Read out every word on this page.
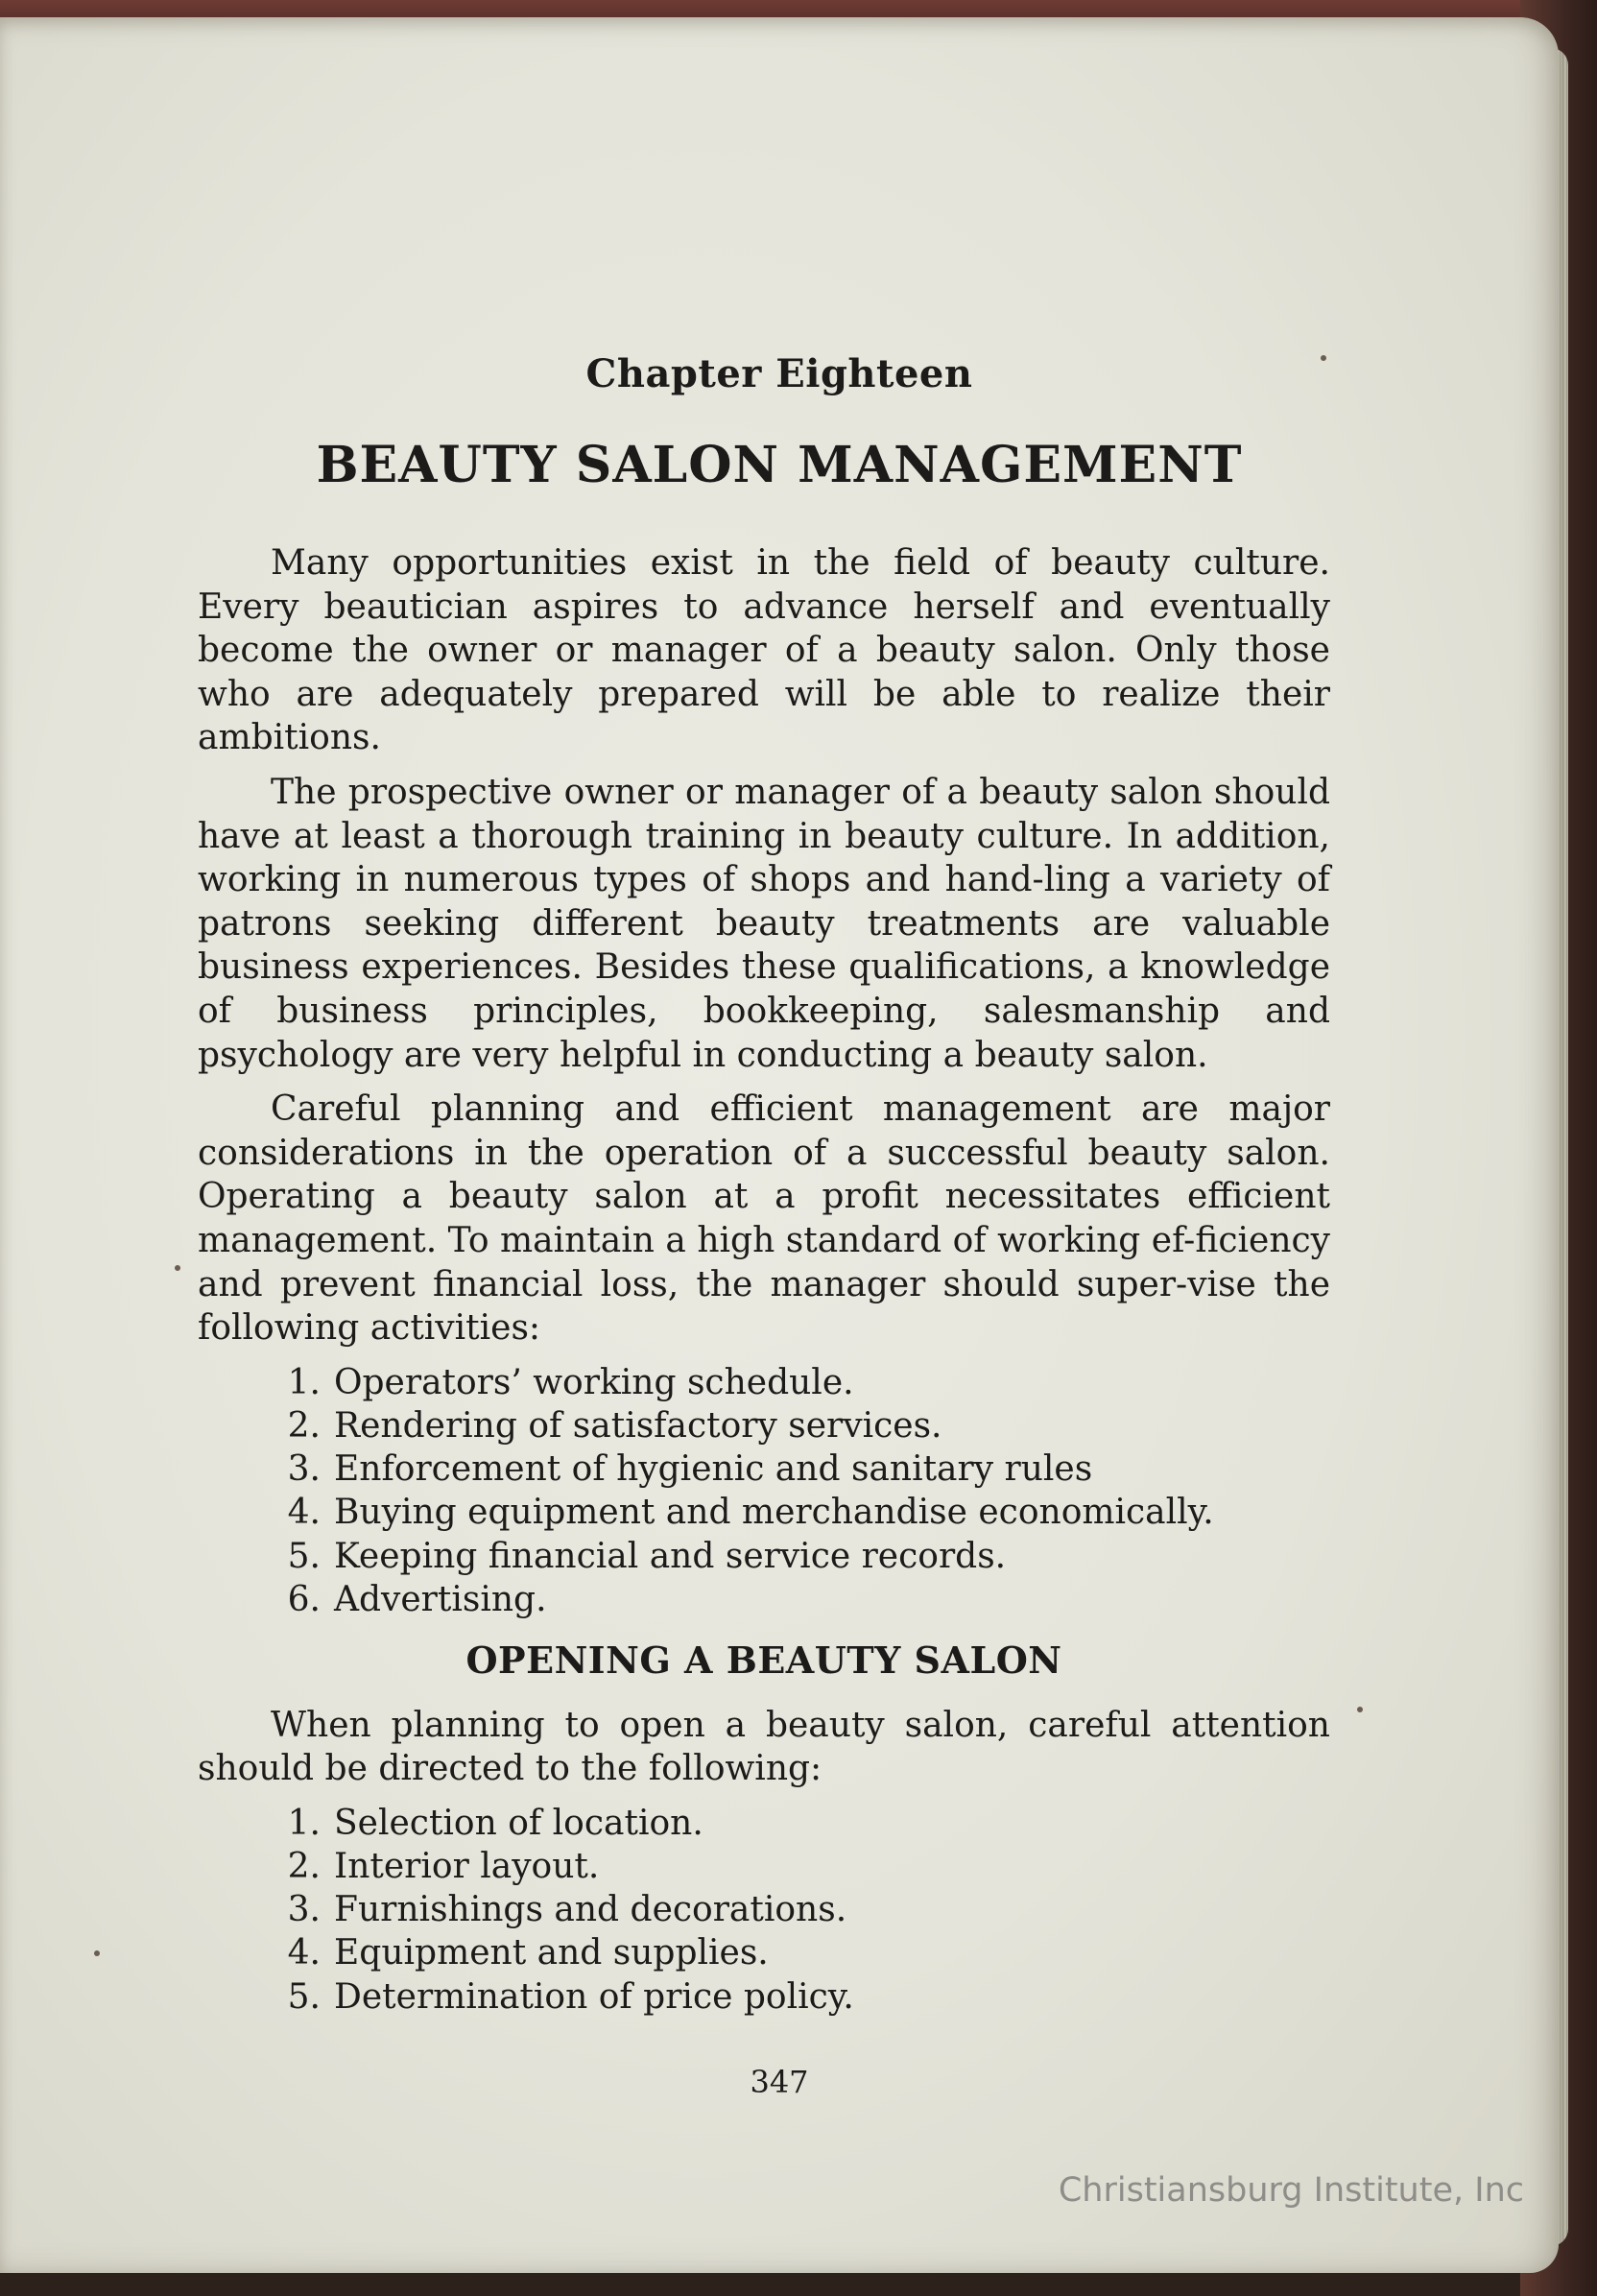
Chapter Eighteen
BEAUTY SALON MANAGEMENT

Many opportunities exist in the field of beauty culture. Every beautician aspires to advance herself and eventually become the owner or manager of a beauty salon. Only those who are adequately prepared will be able to realize their ambitions.

The prospective owner or manager of a beauty salon should have at least a thorough training in beauty culture. In addition, working in numerous types of shops and hand-ling a variety of patrons seeking different beauty treatments are valuable business experiences. Besides these qualifications, a knowledge of business principles, bookkeeping, salesmanship and psychology are very helpful in conducting a beauty salon.

Careful planning and efficient management are major considerations in the operation of a successful beauty salon. Operating a beauty salon at a profit necessitates efficient management. To maintain a high standard of working ef-ficiency and prevent financial loss, the manager should super-vise the following activities:

1. Operators’ working schedule.
2. Rendering of satisfactory services.
3. Enforcement of hygienic and sanitary rules
4. Buying equipment and merchandise economically.
5. Keeping financial and service records.
6. Advertising.
OPENING A BEAUTY SALON

When planning to open a beauty salon, careful attention should be directed to the following:

1. Selection of location.
2. Interior layout.
3. Furnishings and decorations.
4. Equipment and supplies.
5. Determination of price policy.
347
Christiansburg Institute, Inc
